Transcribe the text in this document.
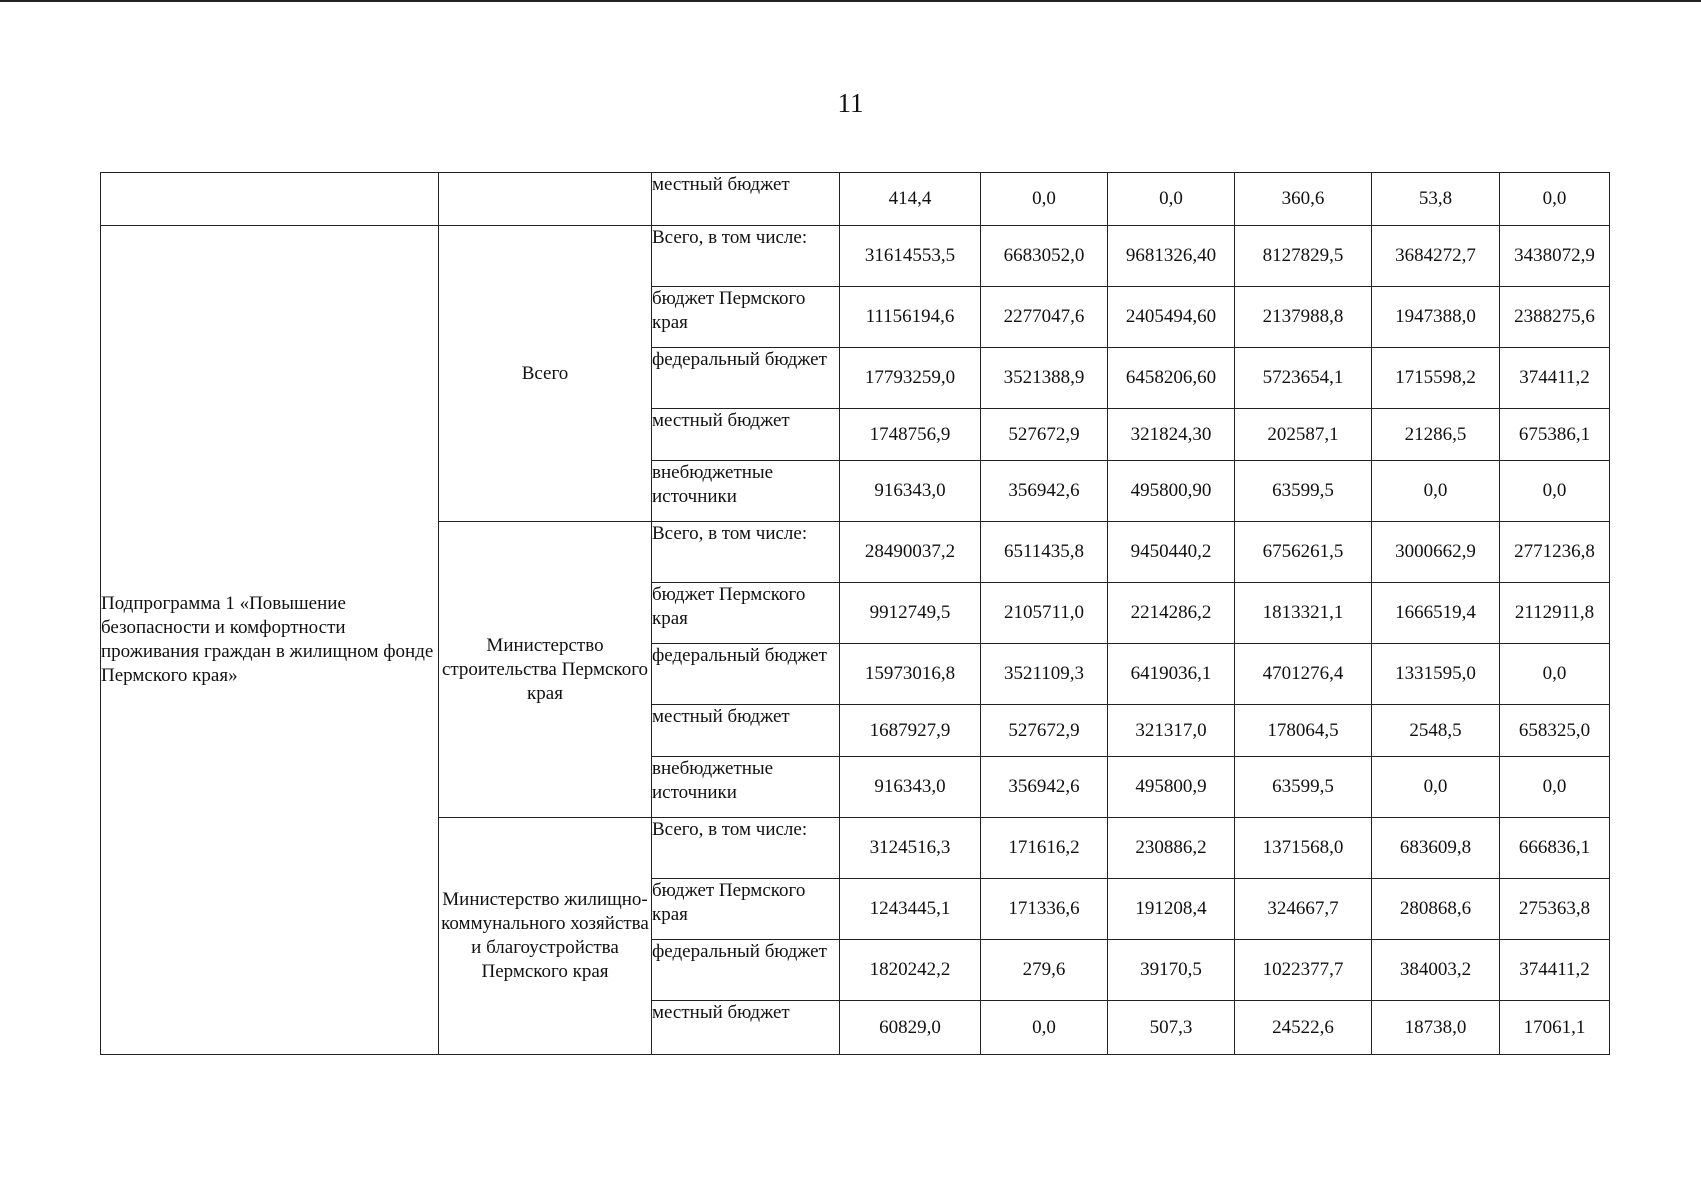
11
		местный бюджет	414,4	0,0	0,0	360,6	53,8	0,0
Подпрограмма 1 «Повышение безопасности и комфортности проживания граждан в жилищном фонде Пермского края»	Всего	Всего, в том числе:	31614553,5	6683052,0	9681326,40	8127829,5	3684272,7	3438072,9
		бюджет Пермского края	11156194,6	2277047,6	2405494,60	2137988,8	1947388,0	2388275,6
		федеральный бюджет	17793259,0	3521388,9	6458206,60	5723654,1	1715598,2	374411,2
		местный бюджет	1748756,9	527672,9	321824,30	202587,1	21286,5	675386,1
		внебюджетные источники	916343,0	356942,6	495800,90	63599,5	0,0	0,0
	Министерство строительства Пермского края	Всего, в том числе:	28490037,2	6511435,8	9450440,2	6756261,5	3000662,9	2771236,8
		бюджет Пермского края	9912749,5	2105711,0	2214286,2	1813321,1	1666519,4	2112911,8
		федеральный бюджет	15973016,8	3521109,3	6419036,1	4701276,4	1331595,0	0,0
		местный бюджет	1687927,9	527672,9	321317,0	178064,5	2548,5	658325,0
		внебюджетные источники	916343,0	356942,6	495800,9	63599,5	0,0	0,0
	Министерство жилищно-коммунального хозяйства и благоустройства Пермского края	Всего, в том числе:	3124516,3	171616,2	230886,2	1371568,0	683609,8	666836,1
		бюджет Пермского края	1243445,1	171336,6	191208,4	324667,7	280868,6	275363,8
		федеральный бюджет	1820242,2	279,6	39170,5	1022377,7	384003,2	374411,2
		местный бюджет	60829,0	0,0	507,3	24522,6	18738,0	17061,1
